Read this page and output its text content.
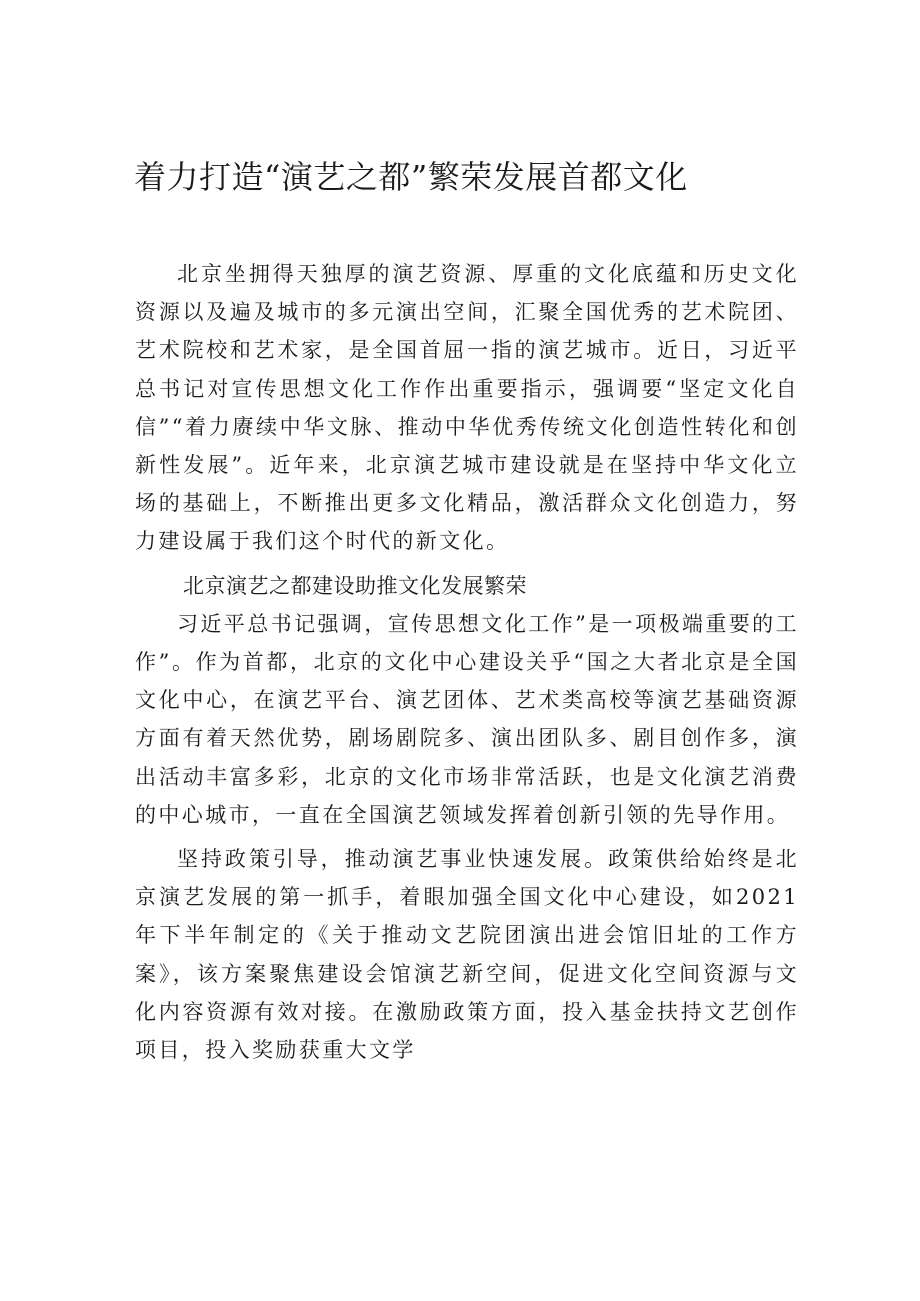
着力打造“演艺之都”繁荣发展首都文化

北京坐拥得天独厚的演艺资源、厚重的文化底蕴和历史文化资源以及遍及城市的多元演出空间，汇聚全国优秀的艺术院团、艺术院校和艺术家，是全国首屈一指的演艺城市。近日，习近平总书记对宣传思想文化工作作出重要指示，强调要“坚定文化自信”“着力赓续中华文脉、推动中华优秀传统文化创造性转化和创新性发展”。近年来，北京演艺城市建设就是在坚持中华文化立场的基础上，不断推出更多文化精品，激活群众文化创造力，努力建设属于我们这个时代的新文化。

北京演艺之都建设助推文化发展繁荣

习近平总书记强调，宣传思想文化工作”是一项极端重要的工作”。作为首都，北京的文化中心建设关乎“国之大者北京是全国文化中心，在演艺平台、演艺团体、艺术类高校等演艺基础资源方面有着天然优势，剧场剧院多、演出团队多、剧目创作多，演出活动丰富多彩，北京的文化市场非常活跃，也是文化演艺消费的中心城市，一直在全国演艺领域发挥着创新引领的先导作用。

坚持政策引导，推动演艺事业快速发展。政策供给始终是北京演艺发展的第一抓手，着眼加强全国文化中心建设，如2021年下半年制定的《关于推动文艺院团演出进会馆旧址的工作方案》，该方案聚焦建设会馆演艺新空间，促进文化空间资源与文化内容资源有效对接。在激励政策方面，投入基金扶持文艺创作项目，投入奖励获重大文学
